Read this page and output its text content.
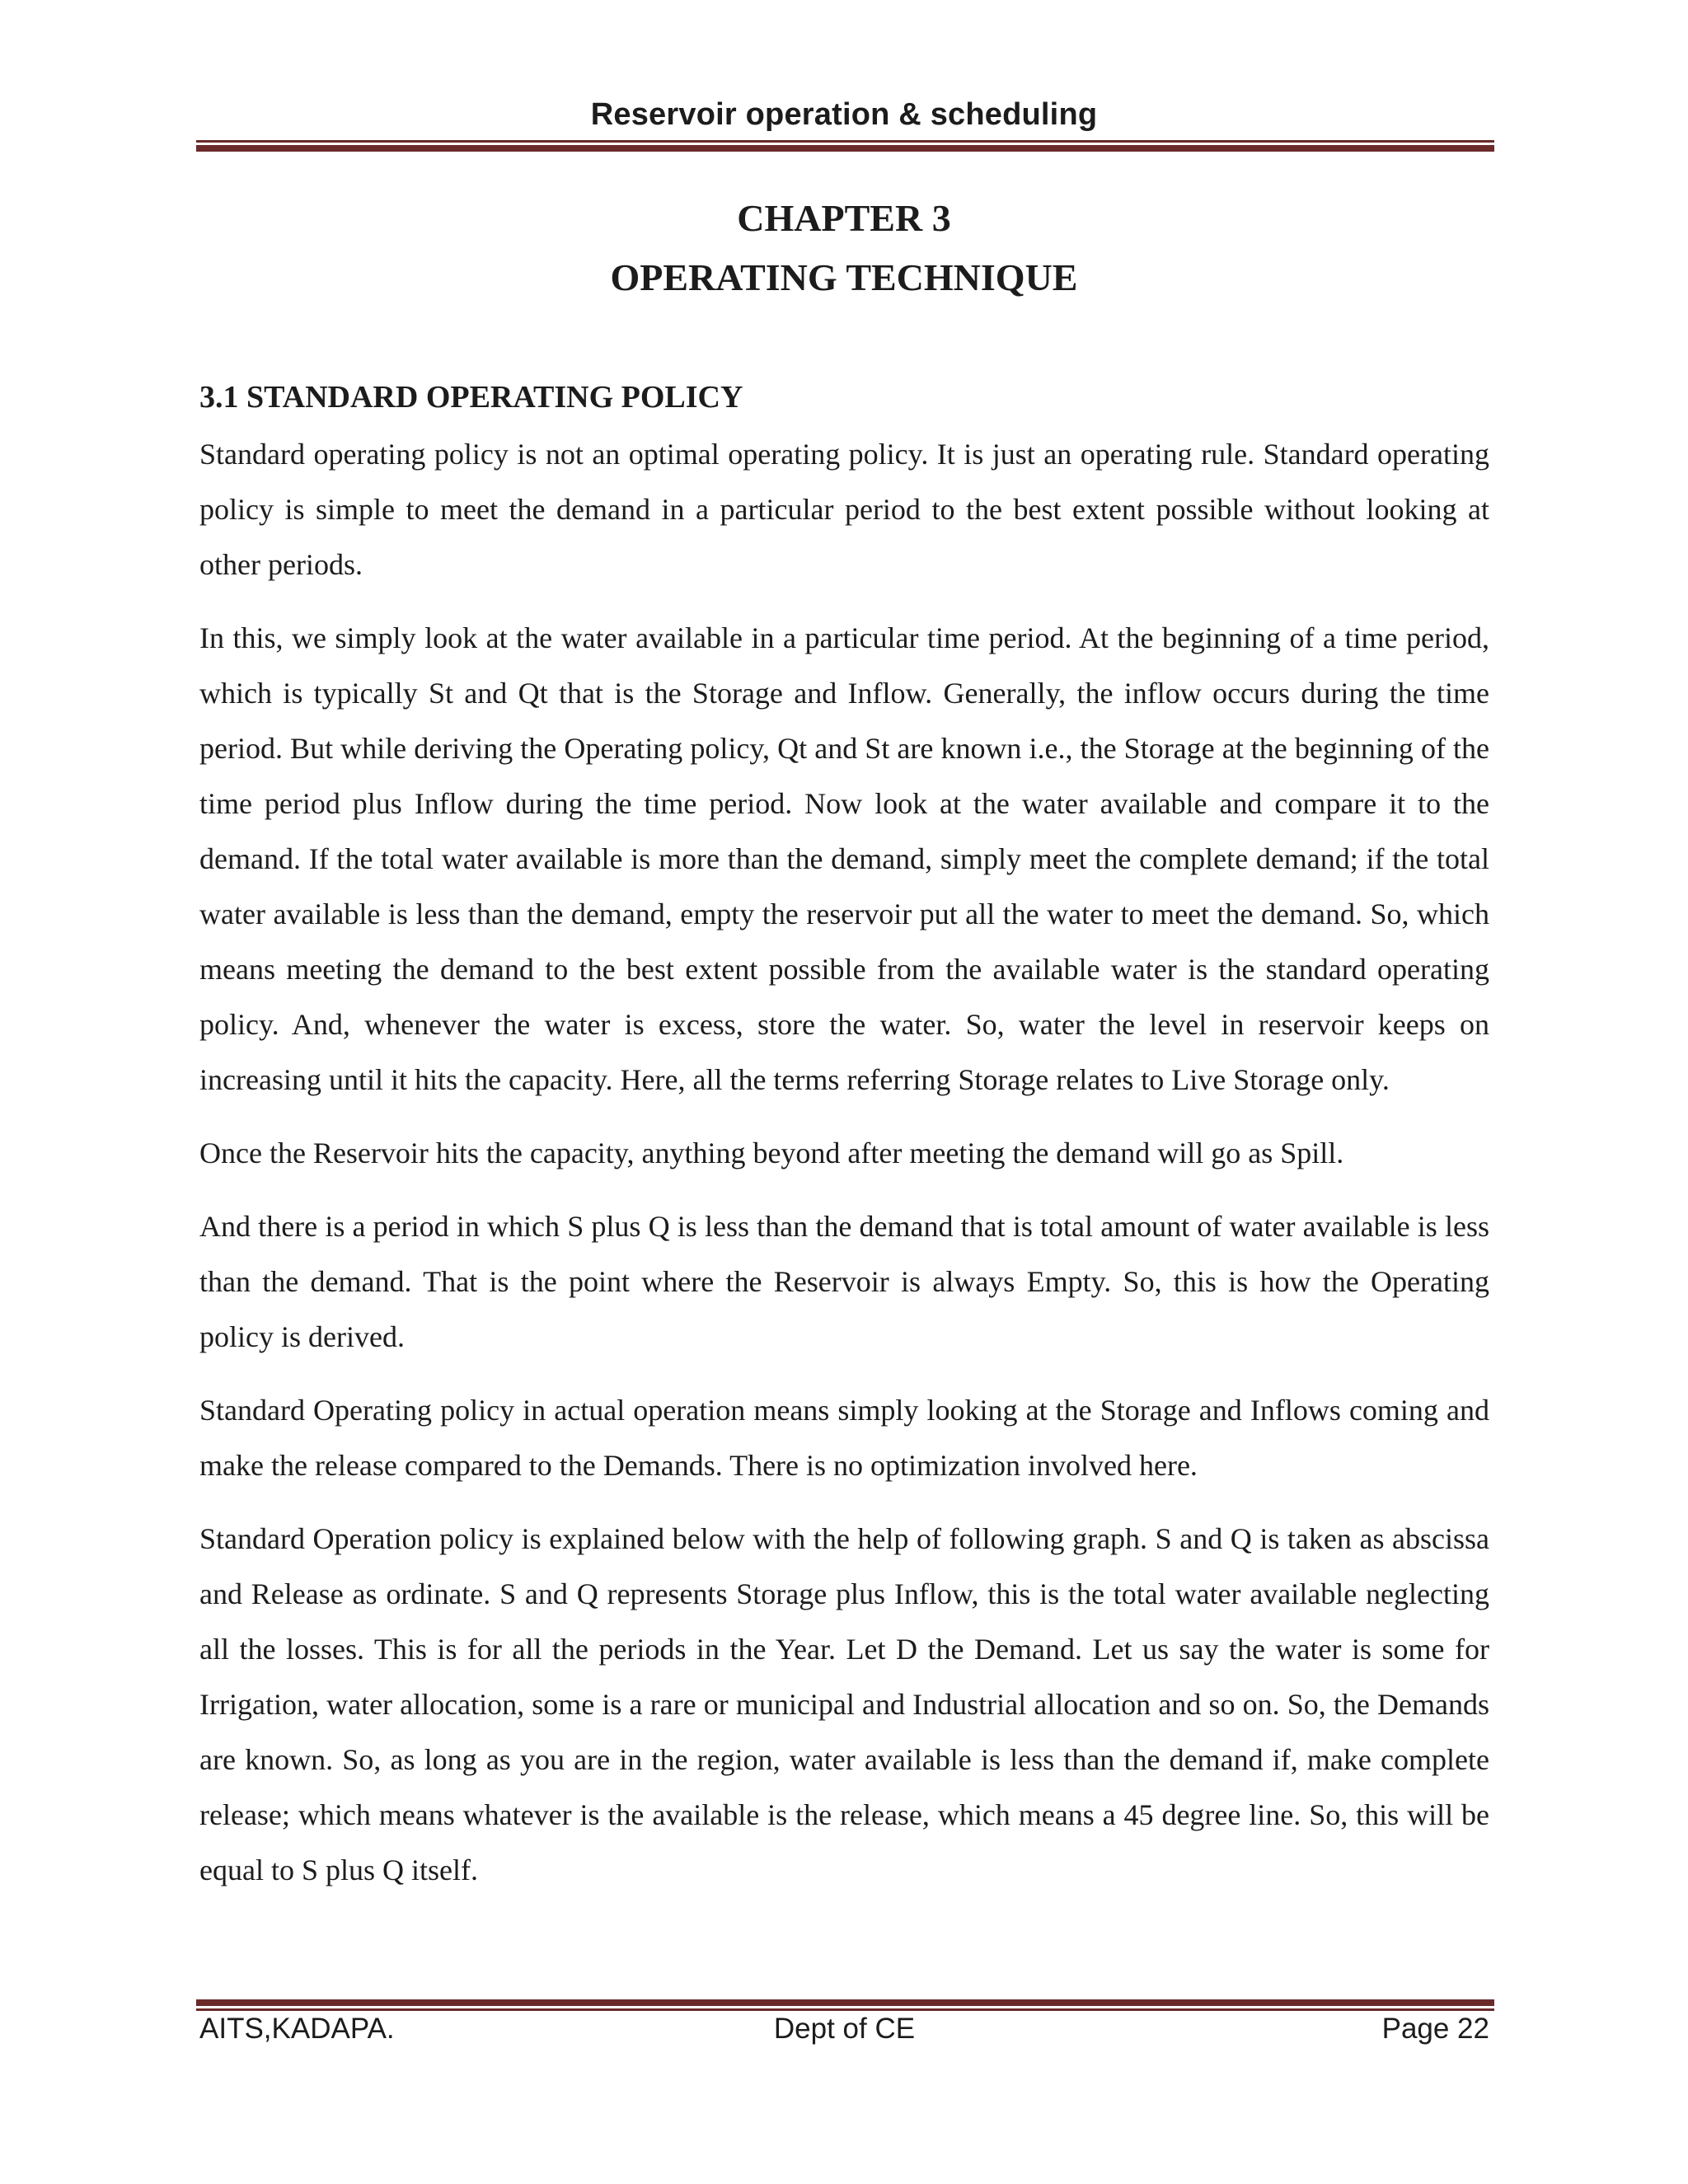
Reservoir operation & scheduling
CHAPTER 3
OPERATING TECHNIQUE
3.1 STANDARD OPERATING POLICY

Standard operating policy is not an optimal operating policy. It is just an operating rule. Standard operating policy is simple to meet the demand in a particular period to the best extent possible without looking at other periods.

In this, we simply look at the water available in a particular time period. At the beginning of a time period, which is typically St and Qt that is the Storage and Inflow. Generally, the inflow occurs during the time period. But while deriving the Operating policy, Qt and St are known i.e., the Storage at the beginning of the time period plus Inflow during the time period. Now look at the water available and compare it to the demand. If the total water available is more than the demand, simply meet the complete demand; if the total water available is less than the demand, empty the reservoir put all the water to meet the demand. So, which means meeting the demand to the best extent possible from the available water is the standard operating policy. And, whenever the water is excess, store the water. So, water the level in reservoir keeps on increasing until it hits the capacity. Here, all the terms referring Storage relates to Live Storage only.

Once the Reservoir hits the capacity, anything beyond after meeting the demand will go as Spill.

And there is a period in which S plus Q is less than the demand that is total amount of water available is less than the demand. That is the point where the Reservoir is always Empty. So, this is how the Operating policy is derived.

Standard Operating policy in actual operation means simply looking at the Storage and Inflows coming and make the release compared to the Demands. There is no optimization involved here.

Standard Operation policy is explained below with the help of following graph. S and Q is taken as abscissa and Release as ordinate. S and Q represents Storage plus Inflow, this is the total water available neglecting all the losses. This is for all the periods in the Year. Let D the Demand. Let us say the water is some for Irrigation, water allocation, some is a rare or municipal and Industrial allocation and so on. So, the Demands are known. So, as long as you are in the region, water available is less than the demand if, make complete release; which means whatever is the available is the release, which means a 45 degree line. So, this will be equal to S plus Q itself.

AITS,KADAPA.	Dept of CE	Page 22
